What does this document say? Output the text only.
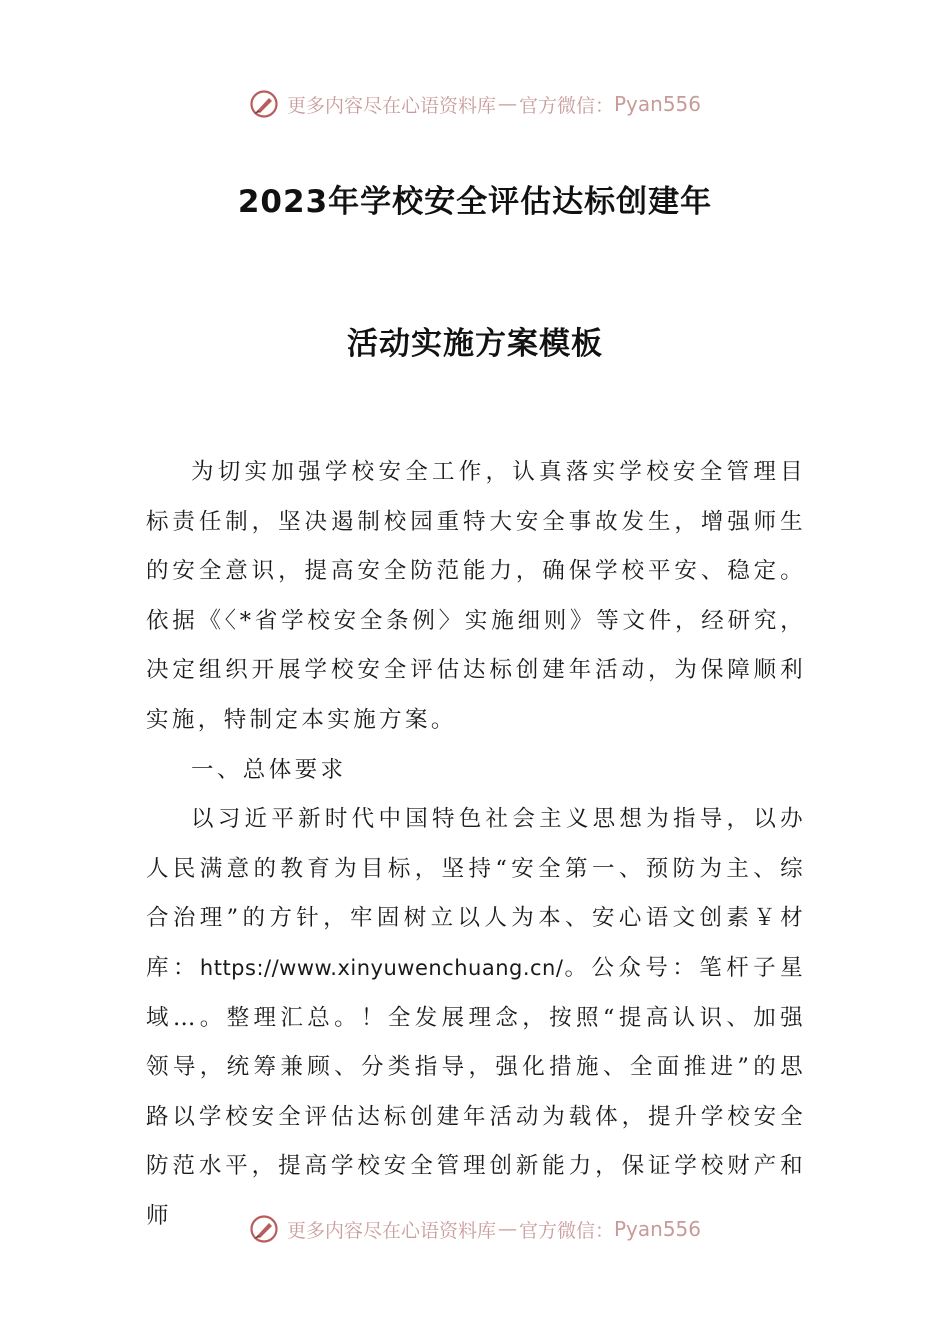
更多内容尽在心语资料库 — 官方微信： Pyan556
2023年学校安全评估达标创建年
活动实施方案模板

为切实加强学校安全工作，认真落实学校安全管理目标责任制，坚决遏制校园重特大安全事故发生，增强师生的安全意识，提高安全防范能力，确保学校平安、稳定。依据《〈*省学校安全条例〉实施细则》等文件，经研究，决定组织开展学校安全评估达标创建年活动，为保障顺利实施，特制定本实施方案。

一、总体要求

以习近平新时代中国特色社会主义思想为指导，以办人民满意的教育为目标，坚持“安全第一、预防为主、综合治理”的方针，牢固树立以人为本、安心语文创素￥材库：https://www.xinyuwenchuang.cn/。公众号：笔杆子星域…。整理汇总。！全发展理念，按照“提高认识、加强领导，统筹兼顾、分类指导，强化措施、全面推进”的思路以学校安全评估达标创建年活动为载体，提升学校安全防范水平，提高学校安全管理创新能力，保证学校财产和师

更多内容尽在心语资料库 — 官方微信： Pyan556
